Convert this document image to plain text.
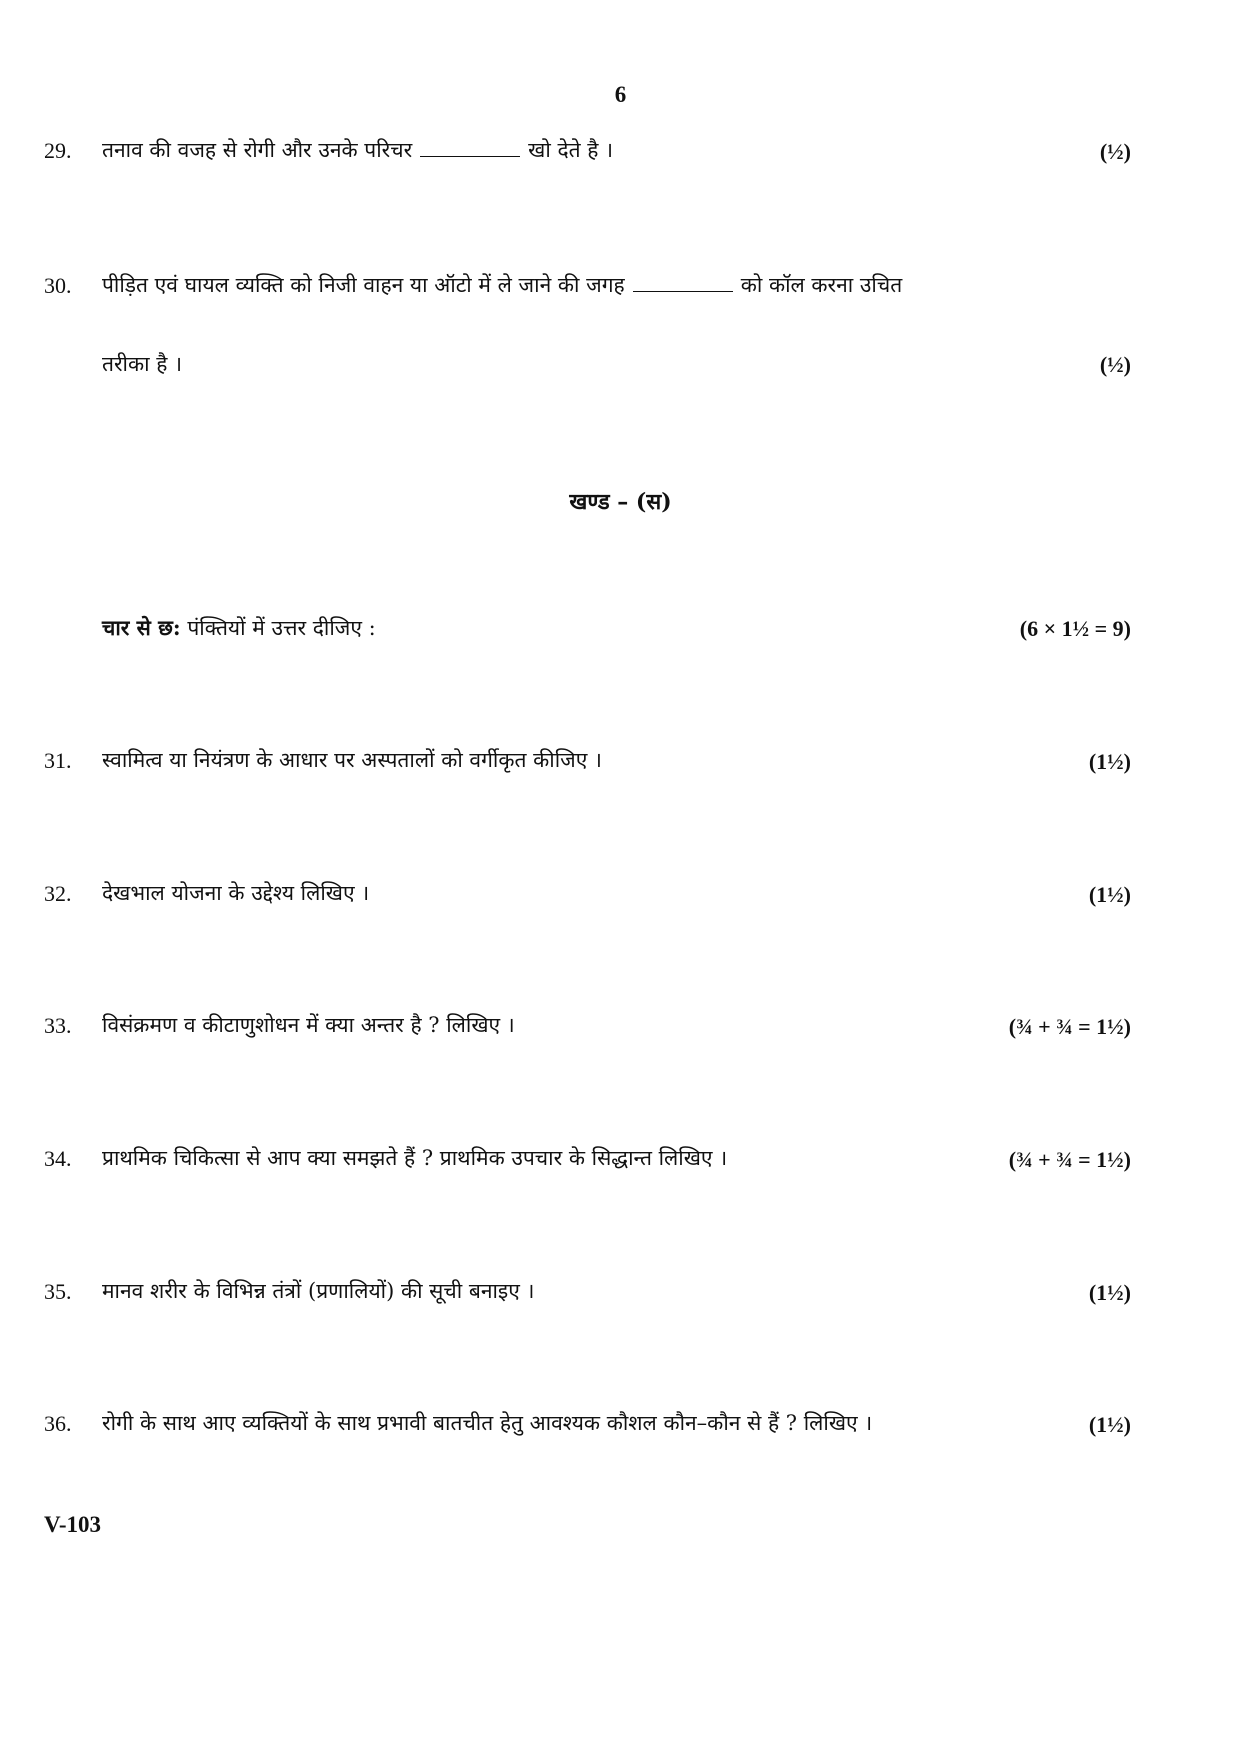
6
29. तनाव की वजह से रोगी और उनके परिचर	खो देते है ।	(½)
30. पीड़ित एवं घायल व्यक्ति को निजी वाहन या ऑटो में ले जाने की जगह	को कॉल करना उचित
तरीका है ।	(½)
खण्ड – (स)
चार से छ: पंक्तियों में उत्तर दीजिए :	(6 × 1½ = 9)
31. स्वामित्व या नियंत्रण के आधार पर अस्पतालों को वर्गीकृत कीजिए ।	(1½)
32. देखभाल योजना के उद्देश्य लिखिए ।	(1½)
33. विसंक्रमण व कीटाणुशोधन में क्या अन्तर है ? लिखिए ।	(¾ + ¾ = 1½)
34. प्राथमिक चिकित्सा से आप क्या समझते हैं ? प्राथमिक उपचार के सिद्धान्त लिखिए ।	(¾ + ¾ = 1½)
35. मानव शरीर के विभिन्न तंत्रों (प्रणालियों) की सूची बनाइए ।	(1½)
36. रोगी के साथ आए व्यक्तियों के साथ प्रभावी बातचीत हेतु आवश्यक कौशल कौन–कौन से हैं ? लिखिए ।	(1½)
V-103
